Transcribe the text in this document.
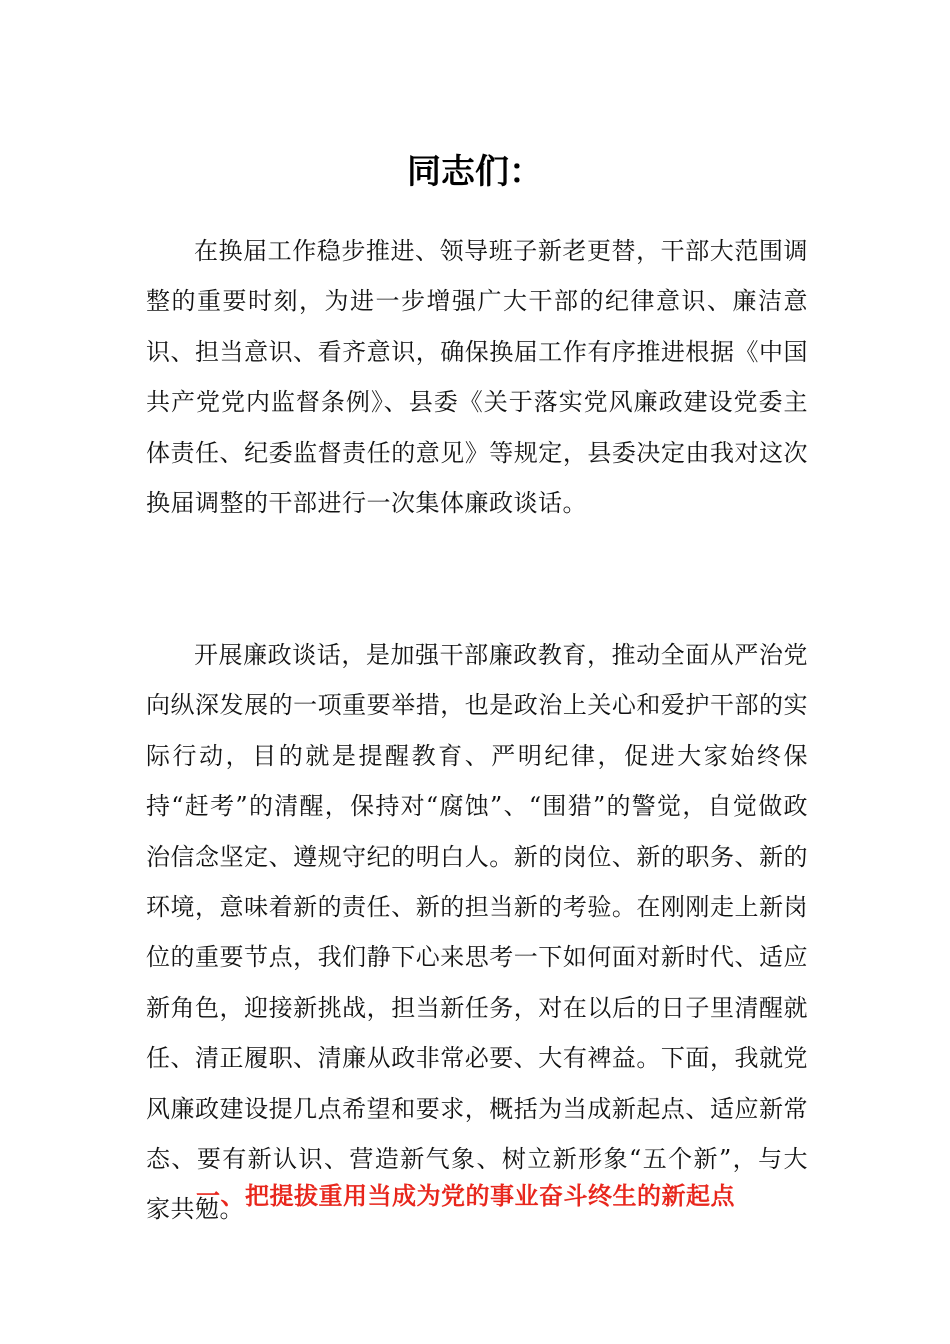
同志们：

在换届工作稳步推进、领导班子新老更替，干部大范围调整的重要时刻，为进一步增强广大干部的纪律意识、廉洁意识、担当意识、看齐意识，确保换届工作有序推进根据《中国共产党党内监督条例》、县委《关于落实党风廉政建设党委主体责任、纪委监督责任的意见》等规定，县委决定由我对这次换届调整的干部进行一次集体廉政谈话。

开展廉政谈话，是加强干部廉政教育，推动全面从严治党向纵深发展的一项重要举措，也是政治上关心和爱护干部的实际行动，目的就是提醒教育、严明纪律，促进大家始终保持“赶考”的清醒，保持对“腐蚀”、“围猎”的警觉，自觉做政治信念坚定、遵规守纪的明白人。新的岗位、新的职务、新的环境，意味着新的责任、新的担当新的考验。在刚刚走上新岗位的重要节点，我们静下心来思考一下如何面对新时代、适应新角色，迎接新挑战，担当新任务，对在以后的日子里清醒就任、清正履职、清廉从政非常必要、大有裨益。下面，我就党风廉政建设提几点希望和要求，概括为当成新起点、适应新常态、要有新认识、营造新气象、树立新形象“五个新”，与大家共勉。

一、把提拔重用当成为党的事业奋斗终生的新起点
